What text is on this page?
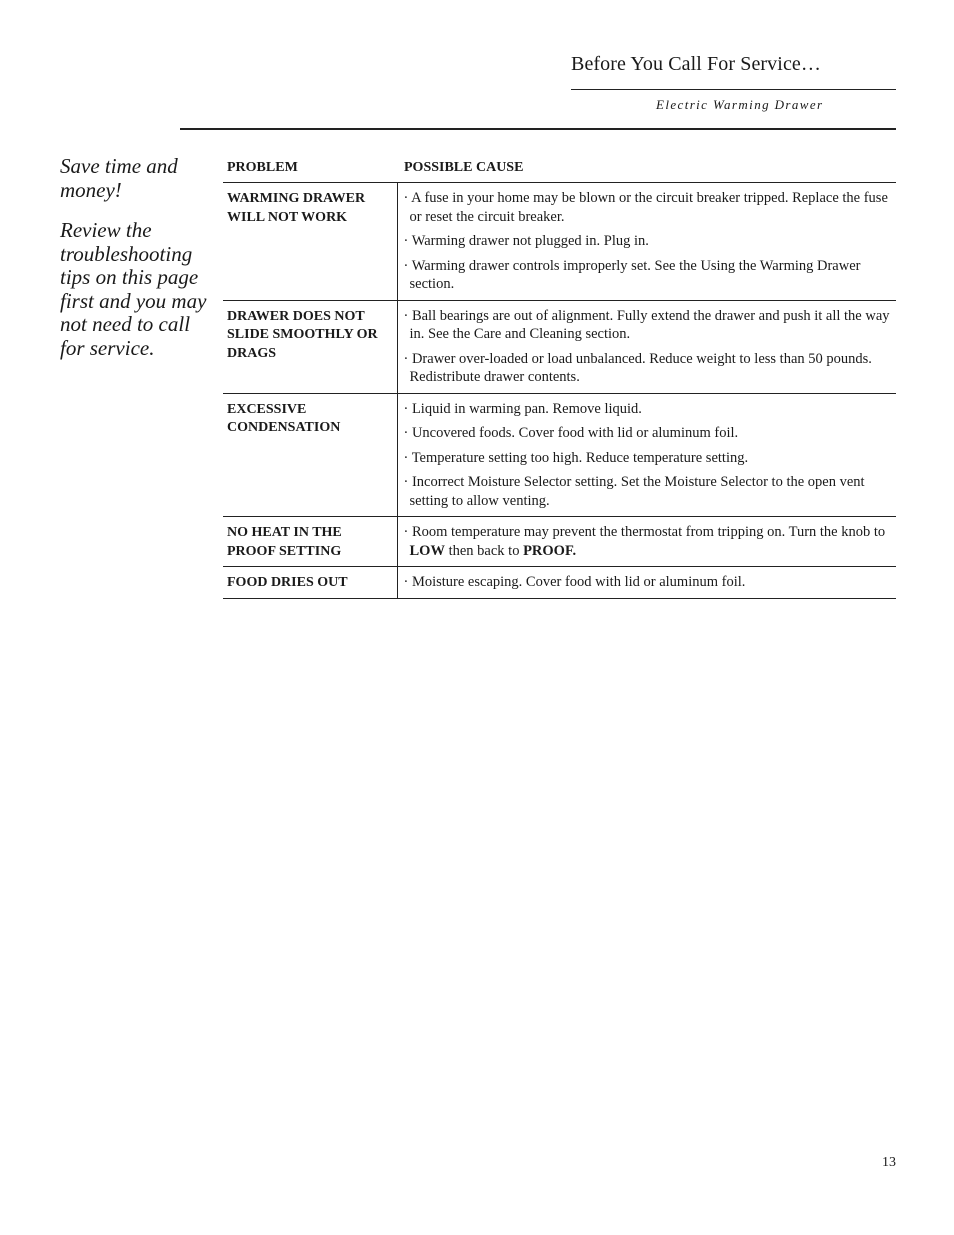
Before You Call For Service…
Electric Warming Drawer

Save time and money!

Review the troubleshooting tips on this page first and you may not need to call for service.

PROBLEM	POSSIBLE CAUSE
WARMING DRAWER WILL NOT WORK	· A fuse in your home may be blown or the circuit breaker tripped. Replace the fuse or reset the circuit breaker.
· Warming drawer not plugged in. Plug in.
· Warming drawer controls improperly set. See the Using the Warming Drawer section.

DRAWER DOES NOT SLIDE SMOOTHLY OR DRAGS	· Ball bearings are out of alignment. Fully extend the drawer and push it all the way in. See the Care and Cleaning section.
· Drawer over-loaded or load unbalanced. Reduce weight to less than 50 pounds. Redistribute drawer contents.

EXCESSIVE CONDENSATION	· Liquid in warming pan. Remove liquid.
· Uncovered foods. Cover food with lid or aluminum foil.
· Temperature setting too high. Reduce temperature setting.
· Incorrect Moisture Selector setting. Set the Moisture Selector to the open vent setting to allow venting.

NO HEAT IN THE PROOF SETTING	· Room temperature may prevent the thermostat from tripping on. Turn the knob to LOW then back to PROOF.

FOOD DRIES OUT	· Moisture escaping. Cover food with lid or aluminum foil.
13
